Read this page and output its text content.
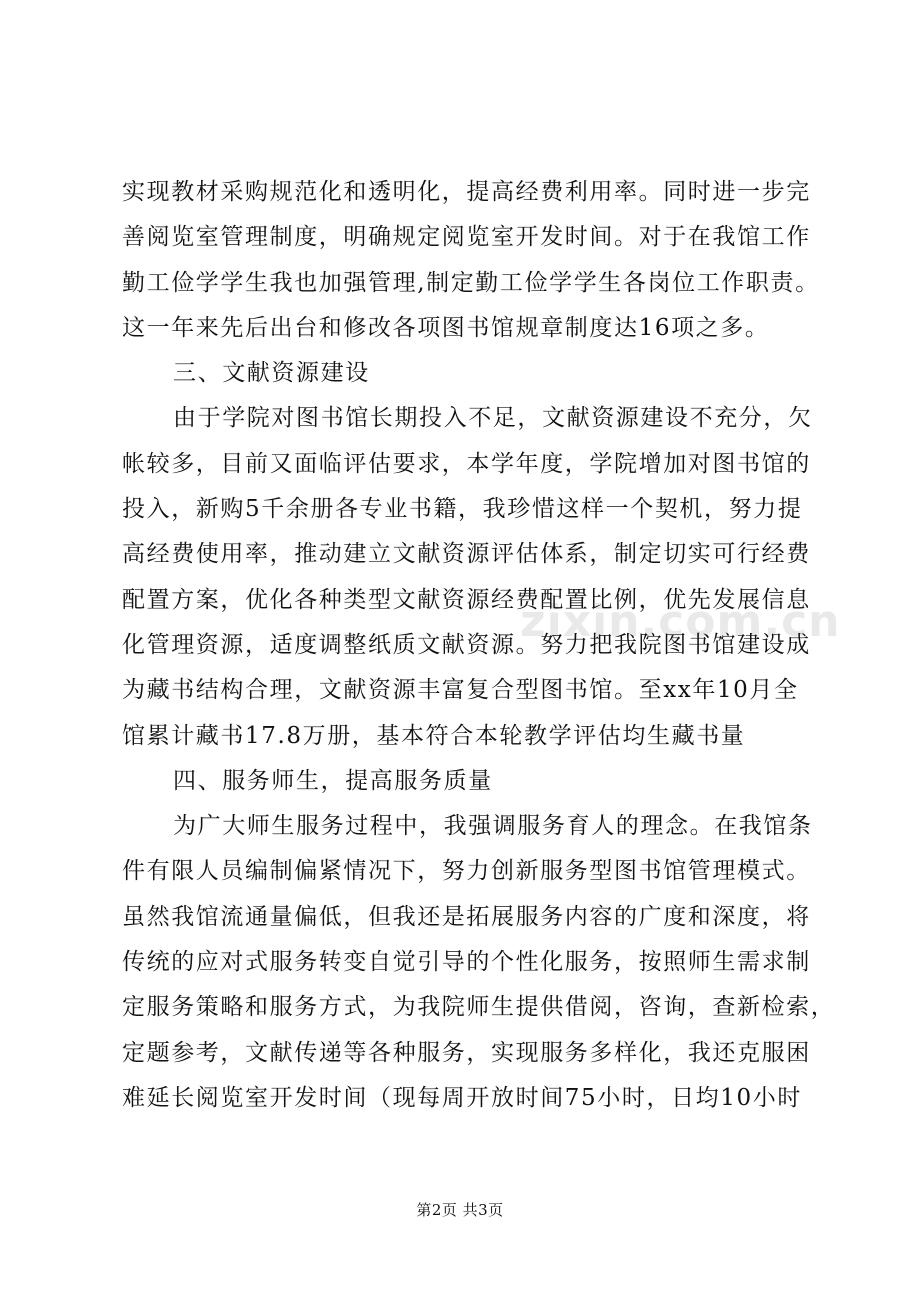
zixin.com.cn
实现教材采购规范化和透明化，提高经费利用率。同时进一步完
善阅览室管理制度，明确规定阅览室开发时间。对于在我馆工作
勤工俭学学生我也加强管理,制定勤工俭学学生各岗位工作职责。
这一年来先后出台和修改各项图书馆规章制度达16项之多。
三、文献资源建设
由于学院对图书馆长期投入不足，文献资源建设不充分，欠
帐较多，目前又面临评估要求，本学年度，学院增加对图书馆的
投入，新购5千余册各专业书籍，我珍惜这样一个契机，努力提
高经费使用率，推动建立文献资源评估体系，制定切实可行经费
配置方案，优化各种类型文献资源经费配置比例，优先发展信息
化管理资源，适度调整纸质文献资源。努力把我院图书馆建设成
为藏书结构合理，文献资源丰富复合型图书馆。至xx年10月全
馆累计藏书17.8万册，基本符合本轮教学评估均生藏书量
四、服务师生，提高服务质量
为广大师生服务过程中，我强调服务育人的理念。在我馆条
件有限人员编制偏紧情况下，努力创新服务型图书馆管理模式。
虽然我馆流通量偏低，但我还是拓展服务内容的广度和深度，将
传统的应对式服务转变自觉引导的个性化服务，按照师生需求制
定服务策略和服务方式，为我院师生提供借阅，咨询，查新检索，
定题参考，文献传递等各种服务，实现服务多样化，我还克服困
难延长阅览室开发时间（现每周开放时间75小时，日均10小时
第2页 共3页
